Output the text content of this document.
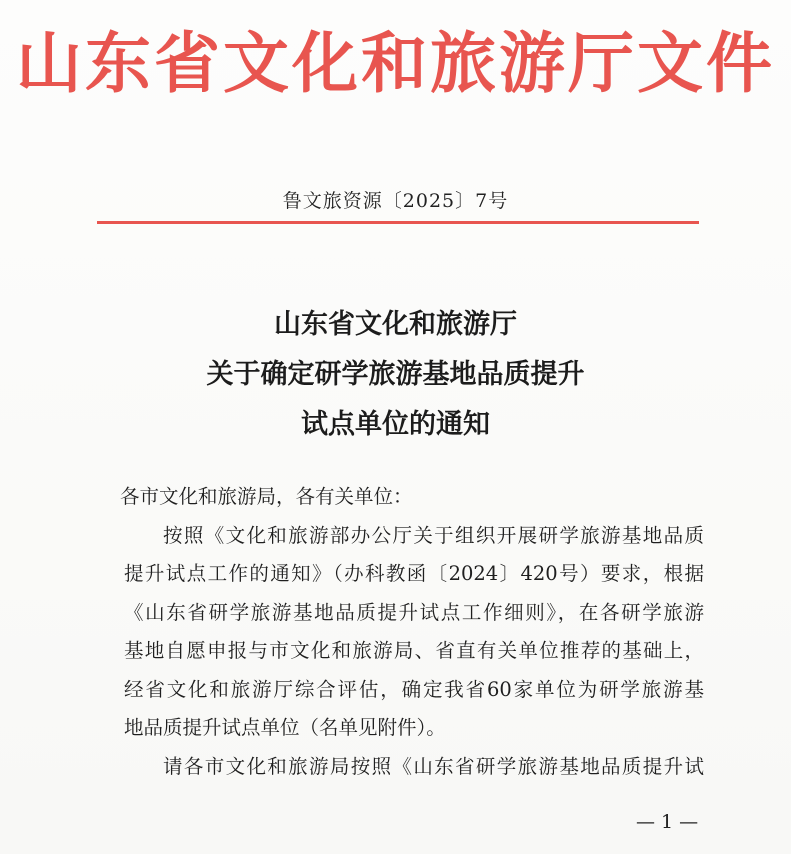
山东省文化和旅游厅文件
鲁文旅资源〔2025〕7号
山东省文化和旅游厅
关于确定研学旅游基地品质提升
试点单位的通知
各市文化和旅游局，各有关单位：
按照《文化和旅游部办公厅关于组织开展研学旅游基地品质
提升试点工作的通知》（办科教函〔2024〕420号）要求，根据
《山东省研学旅游基地品质提升试点工作细则》，在各研学旅游
基地自愿申报与市文化和旅游局、省直有关单位推荐的基础上，
经省文化和旅游厅综合评估，确定我省60家单位为研学旅游基
地品质提升试点单位（名单见附件）。
请各市文化和旅游局按照《山东省研学旅游基地品质提升试
— 1 —
